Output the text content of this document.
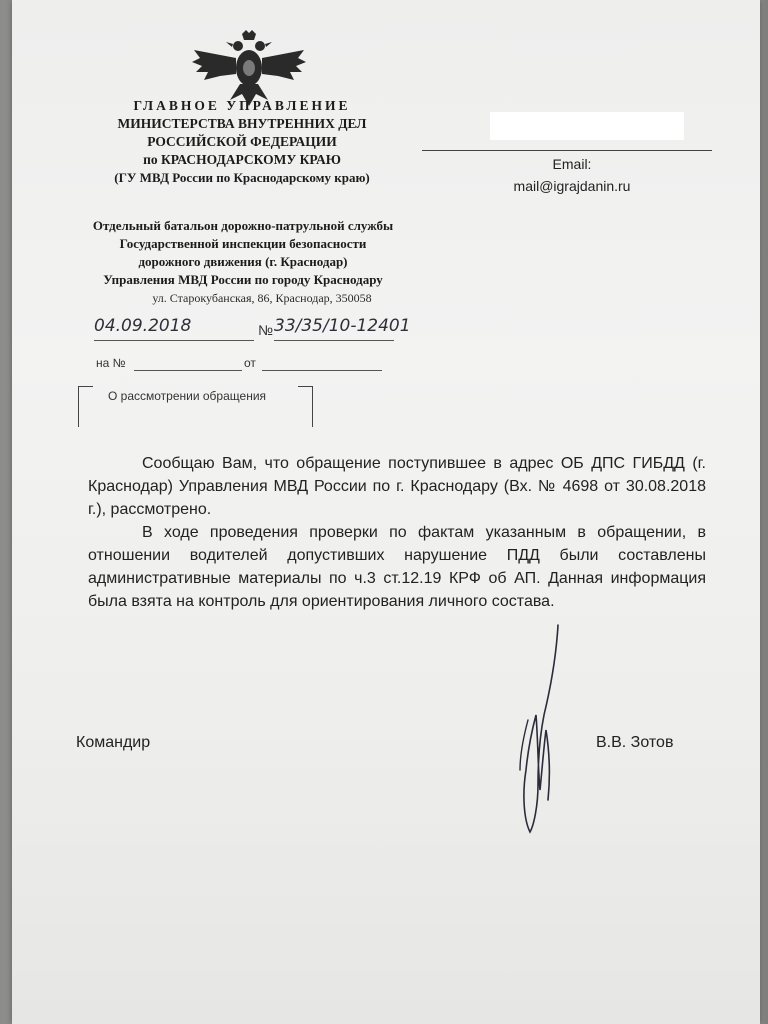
ГЛАВНОЕ УПРАВЛЕНИЕ
МИНИСТЕРСТВА ВНУТРЕННИХ ДЕЛ
РОССИЙСКОЙ ФЕДЕРАЦИИ
по КРАСНОДАРСКОМУ КРАЮ
(ГУ МВД России по Краснодарскому краю)
Отдельный батальон дорожно-патрульной службы
Государственной инспекции безопасности
дорожного движения (г. Краснодар)
Управления МВД России по городу Краснодару
ул. Старокубанская, 86, Краснодар, 350058
Email:
mail@igrajdanin.ru
04.09.2018	№ 33/35/10-12401
на №	от
О рассмотрении обращения

Сообщаю Вам, что обращение поступившее в адрес ОБ ДПС ГИБДД (г. Краснодар) Управления МВД России по г. Краснодару (Вх. № 4698 от 30.08.2018 г.), рассмотрено.

В ходе проведения проверки по фактам указанным в обращении, в отношении водителей допустивших нарушение ПДД были составлены административные материалы по ч.3 ст.12.19 КРФ об АП. Данная информация была взята на контроль для ориентирования личного состава.

Командир	В.В. Зотов
